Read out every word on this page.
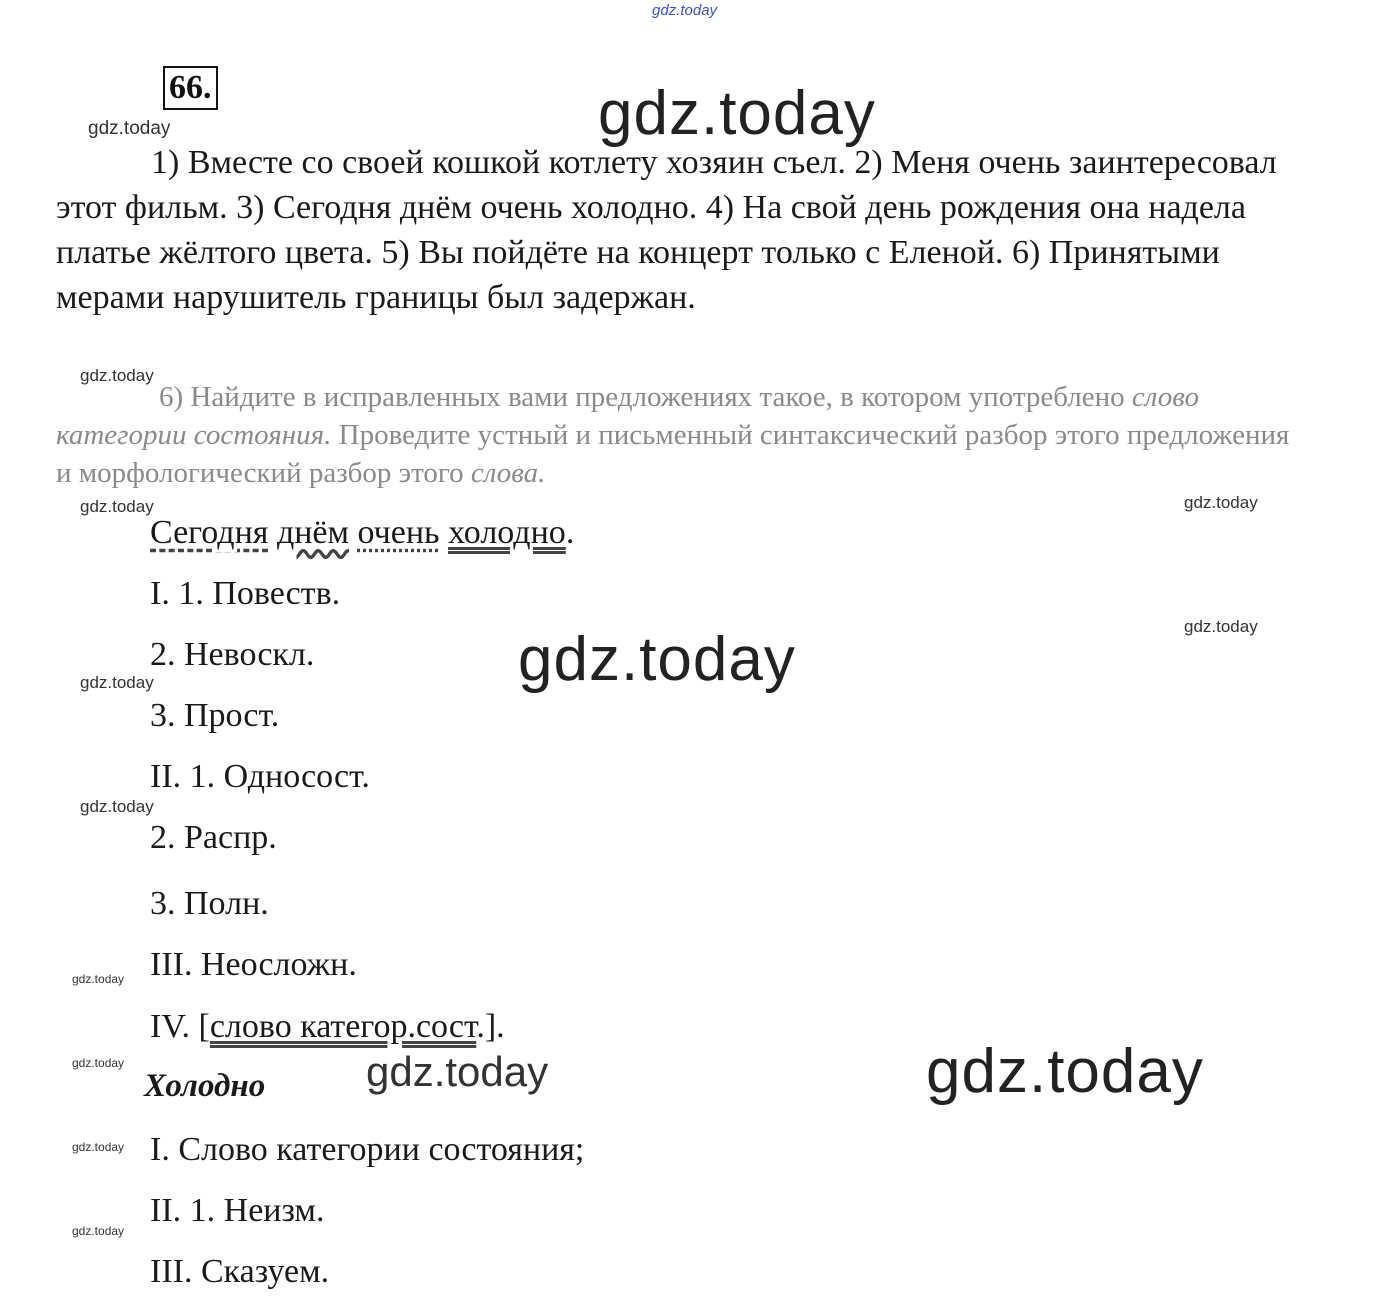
gdz.today
66.	gdz.today
gdz.today
1) Вместе со своей кошкой котлету хозяин съел. 2) Меня очень заинтересовал этот фильм. 3) Сегодня днём очень холодно. 4) На свой день рождения она надела платье жёлтого цвета. 5) Вы пойдёте на концерт только с Еленой. 6) Принятыми мерами нарушитель границы был задержан.
gdz.today
6) Найдите в исправленных вами предложениях такое, в котором употреблено слово категории состояния. Проведите устный и письменный синтаксический разбор этого предложения и морфологический разбор этого слова.
gdz.today	gdz.today
Сегодня днём очень холодно.
I. 1. Повеств.
gdz.today
2. Невоскл.	gdz.today
gdz.today
3. Прост.
II. 1. Односост.
gdz.today
2. Распр.
3. Полн.
III. Неосложн.
gdz.today
IV. [слово категор.сост.].
gdz.today	gdz.today
gdz.today
Холодно
gdz.today I. Слово категории состояния;
II. 1. Неизм.
gdz.today
III. Сказуем.
